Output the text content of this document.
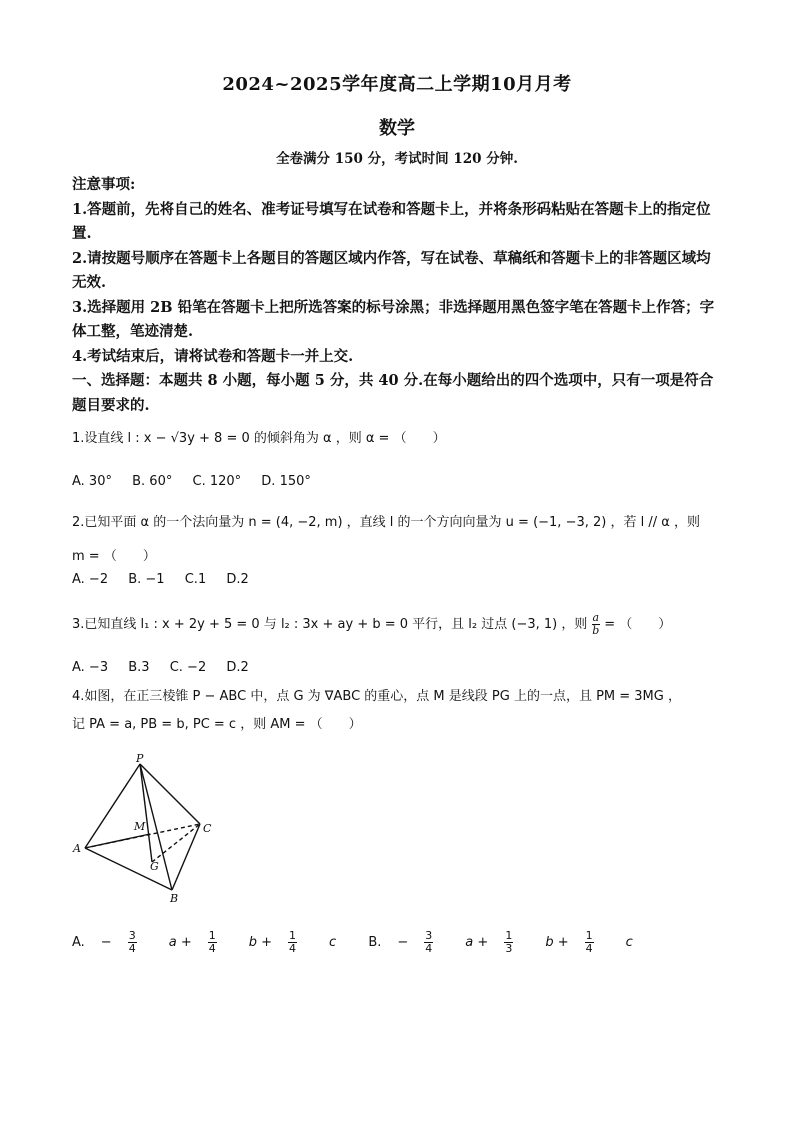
2024~2025学年度高二上学期10月月考
数学
全卷满分 150 分，考试时间 120 分钟.

注意事项:

1.答题前，先将自己的姓名、准考证号填写在试卷和答题卡上，并将条形码粘贴在答题卡上的指定位置.

2.请按题号顺序在答题卡上各题目的答题区域内作答，写在试卷、草稿纸和答题卡上的非答题区域均无效.

3.选择题用 2B 铅笔在答题卡上把所选答案的标号涂黑；非选择题用黑色签字笔在答题卡上作答；字体工整，笔迹清楚.

4.考试结束后，请将试卷和答题卡一并上交.

一、选择题：本题共 8 小题，每小题 5 分，共 40 分.在每小题给出的四个选项中，只有一项是符合题目要求的.

1.设直线 l : x − √3y + 8 = 0 的倾斜角为 α ，则 α = （　　）
A. 30° B. 60° C. 120° D. 150°
2.已知平面 α 的一个法向量为 n = (4, −2, m) ，直线 l 的一个方向向量为 u = (−1, −3, 2) ，若 l // α ，则
m = （　　）
A. −2 B. −1 C.1 D.2
3.已知直线 l₁ : x + 2y + 5 = 0 与 l₂ : 3x + ay + b = 0 平行，且 l₂ 过点 (−3, 1) ，则 $\frac{a}{b}$ = （　　）
A. −3 B.3 C. −2 D.2
4.如图，在正三棱锥 P − ABC 中，点 G 为 ∇ABC 的重心，点 M 是线段 PG 上的一点，且 PM = 3MG ，
记 PA = a, PB = b, PC = c ，则 AM = （　　）
P
M	C
A
G
B
A. − $\frac{3}{4}$ $a + \frac{1}{4}$ $b + \frac{1}{4}$ c B. − $\frac{3}{4}$ $a + \frac{1}{3}$ $b + \frac{1}{4}$ c
